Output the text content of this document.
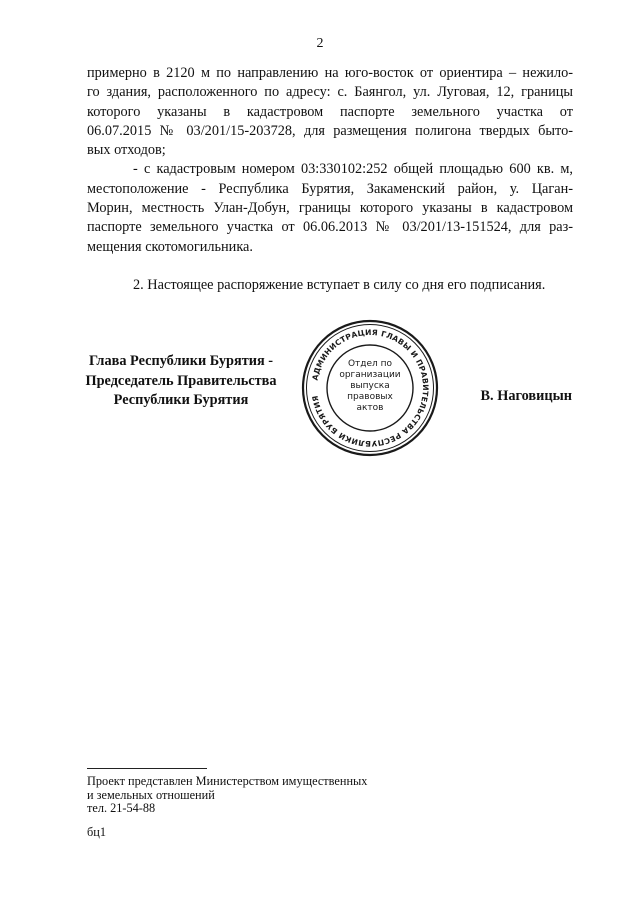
2

примерно в 2120 м по направлению на юго-восток от ориентира – нежило-

го здания, расположенного по адресу: с. Баянгол, ул. Луговая, 12, границы

которого указаны в кадастровом паспорте земельного участка от

06.07.2015 № 03/201/15-203728, для размещения полигона твердых быто-

вых отходов;

- с кадастровым номером 03:330102:252 общей площадью 600 кв. м,

местоположение - Республика Бурятия, Закаменский район, у. Цаган-

Морин, местность Улан-Добун, границы которого указаны в кадастровом

паспорте земельного участка от 06.06.2013 № 03/201/13-151524, для раз-

мещения скотомогильника.

2. Настоящее распоряжение вступает в силу со дня его подписания.

Глава Республики Бурятия -
Председатель Правительства
Республики Бурятия
АДМИНИСТРАЦИЯ ГЛАВЫ И ПРАВИТЕЛЬСТВА РЕСПУБЛИКИ БУРЯТИЯ
Отдел по
организации
выпуска
правовых
актов
В. Наговицын
Проект представлен Министерством имущественных
и земельных отношений
тел. 21-54-88
бц1
